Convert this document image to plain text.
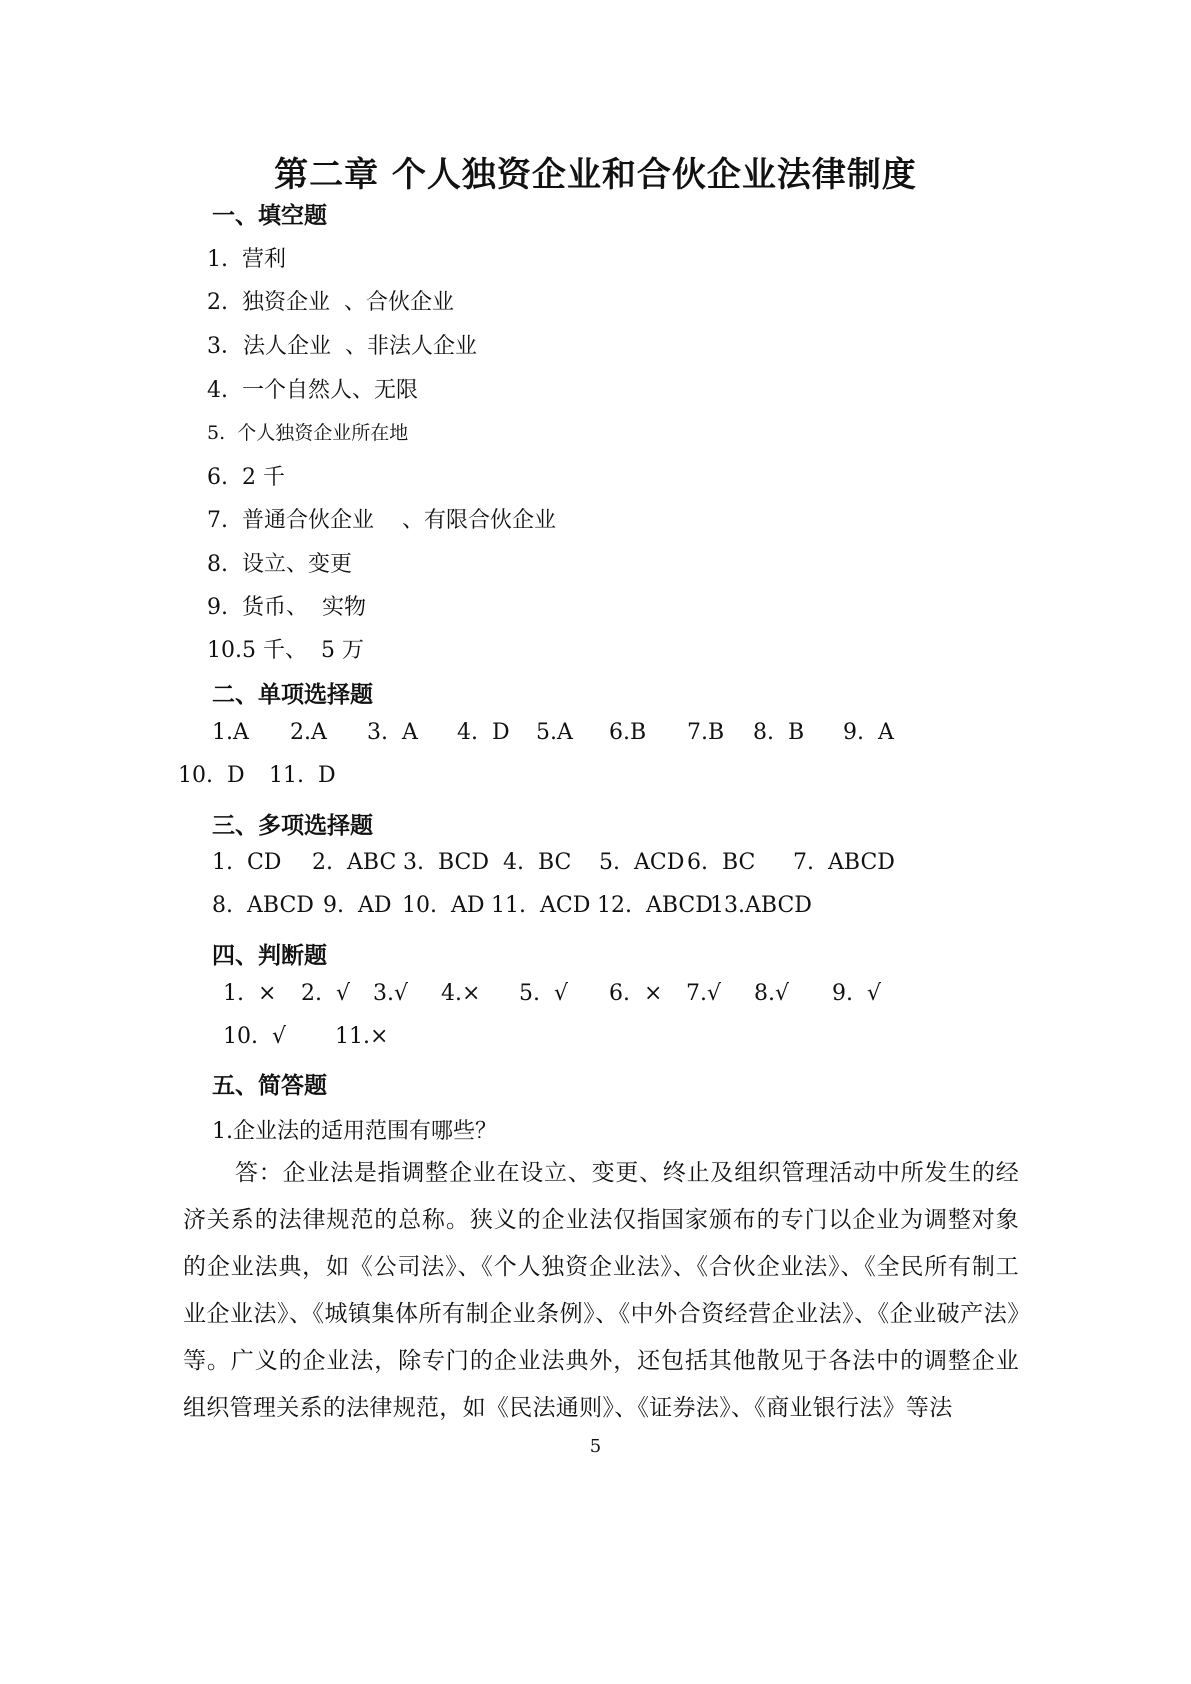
第二章 个人独资企业和合伙企业法律制度
一、填空题
1.  营利
2.  独资企业  、合伙企业
3．法人企业  、非法人企业
4.  一个自然人、无限
5.  个人独资企业所在地
6.  2 千
7.  普通合伙企业    、有限合伙企业
8.  设立、变更
9.  货币、  实物
10.5 千、  5 万
二、单项选择题
1.A 2.A 3.  A 4.  D 5.A 6.B 7.B 8.  B 9.  A
10.  D 11.  D
三、多项选择题
1.  CD 2.  ABC 3.  BCD 4.  BC 5.  ACD 6.  BC 7.  ABCD
8.  ABCD 9.  AD 10.  AD 11.  ACD 12.  ABCD
13.ABCD
四、判断题
1.  × 2.  √ 3.√ 4.× 5.  √ 6.  × 7.√ 8.√ 9.  √
10.  √ 11.×
五、简答题
1.企业法的适用范围有哪些？
答：企业法是指调整企业在设立、变更、终止及组织管理活动中所发生的经济关系的法律规范的总称。狭义的企业法仅指国家颁布的专门以企业为调整对象的企业法典，如《公司法》、《个人独资企业法》、《合伙企业法》、《全民所有制工业企业法》、《城镇集体所有制企业条例》、《中外合资经营企业法》、《企业破产法》等。广义的企业法，除专门的企业法典外，还包括其他散见于各法中的调整企业组织管理关系的法律规范，如《民法通则》、《证券法》、《商业银行法》等法
5
